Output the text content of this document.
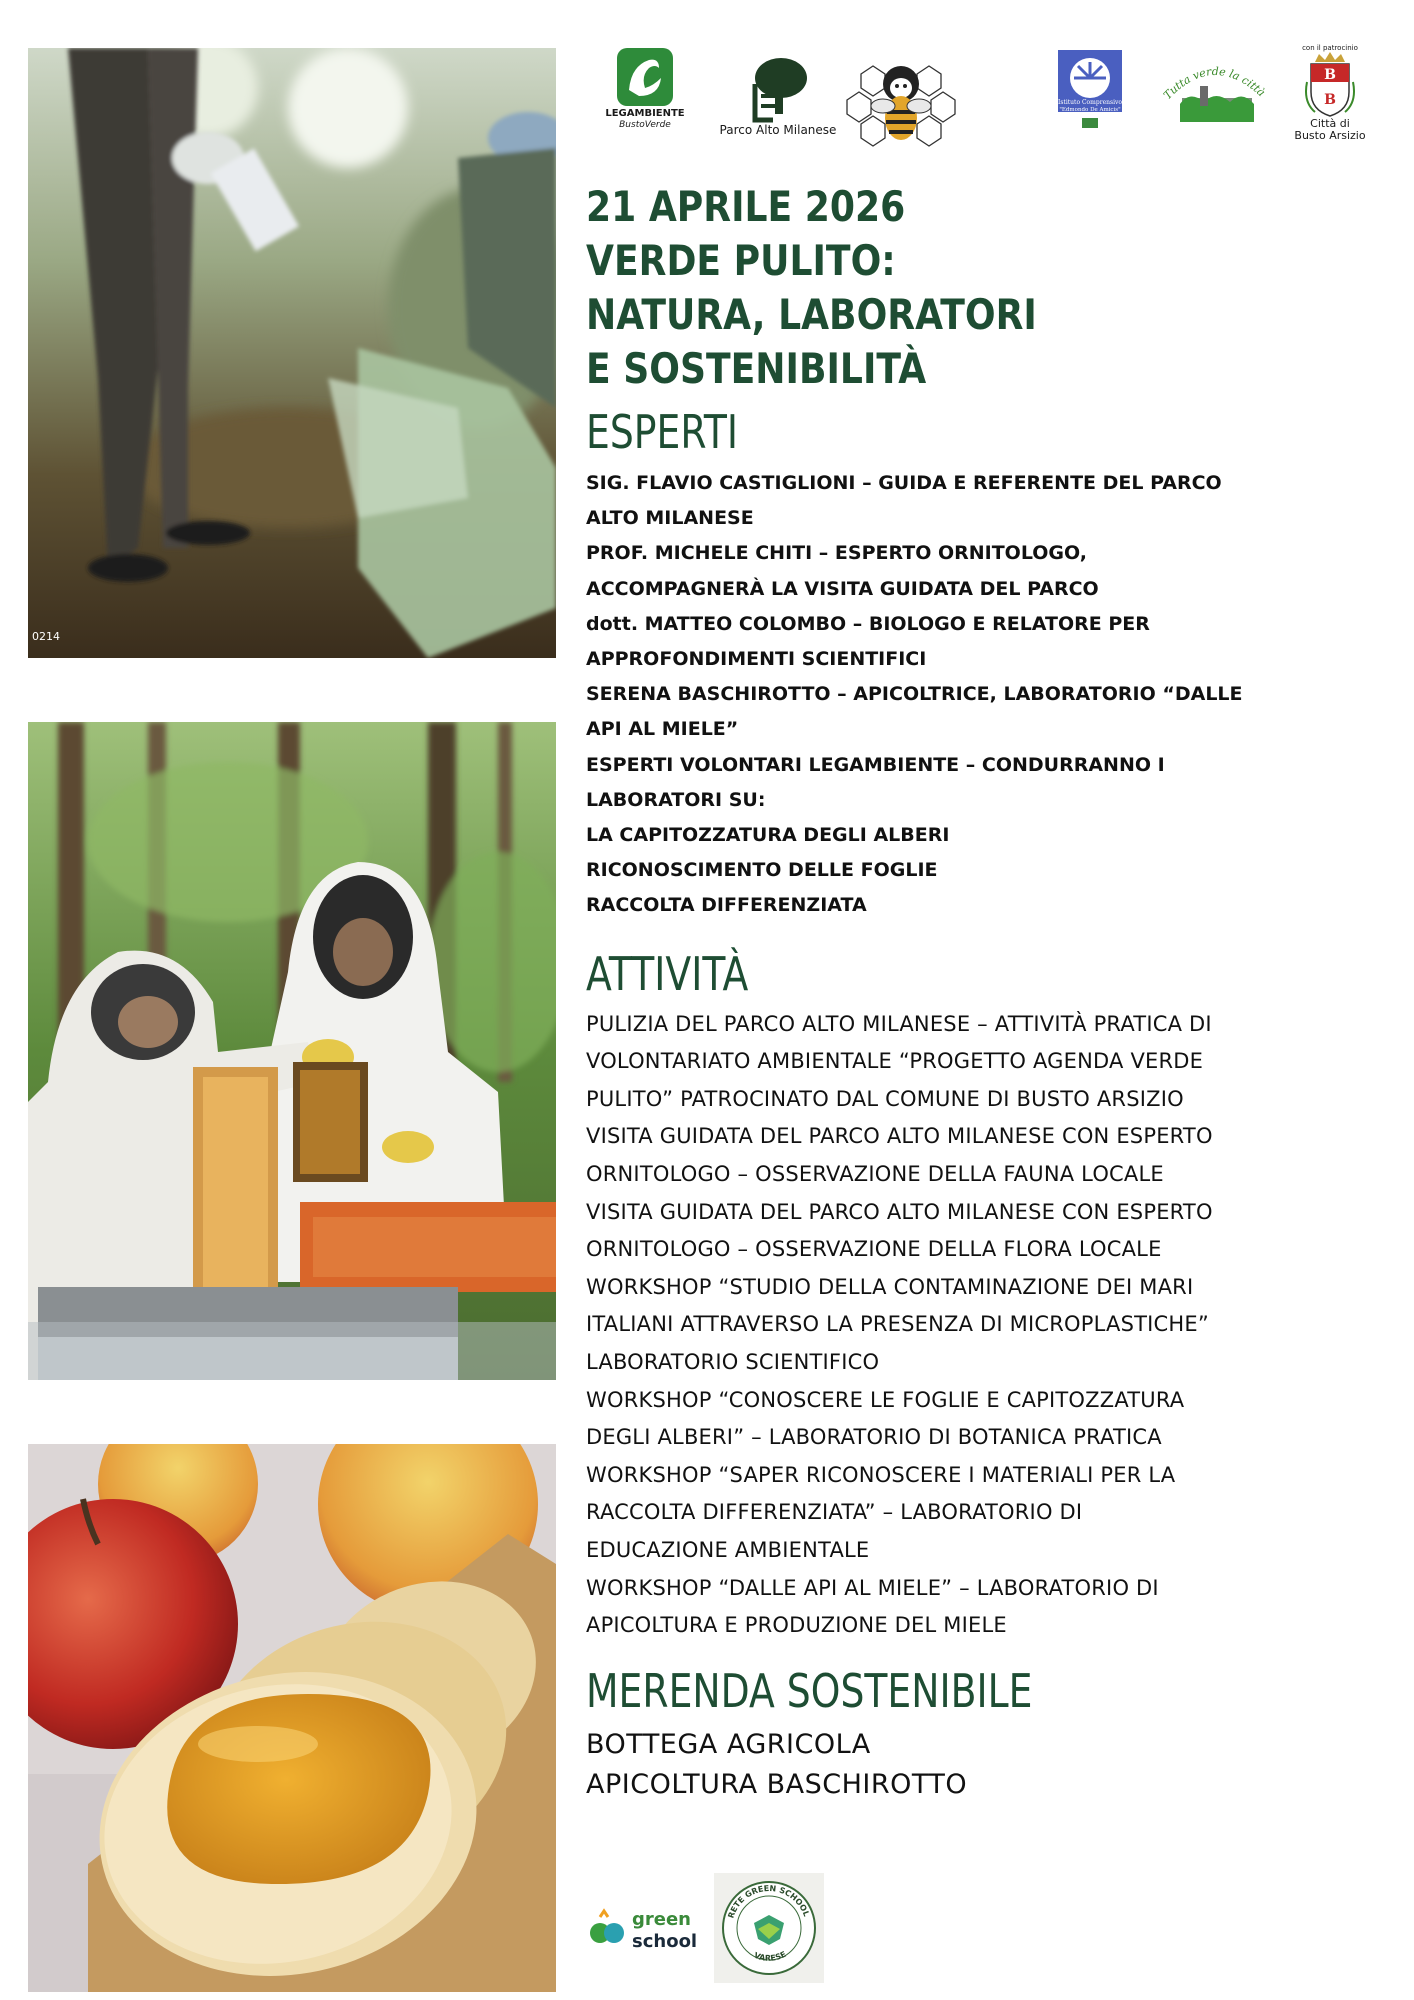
0214
LEGAMBIENTE
BustoVerde	Parco Alto Milanese
Istituto Comprensivo
"Edmondo De Amicis"
Tutta verde la città
con il patrocinio
B
B
Città di
Busto Arsizio
21 APRILE 2026
VERDE PULITO:
NATURA, LABORATORI
E SOSTENIBILITÀ
ESPERTI
SIG. FLAVIO CASTIGLIONI – GUIDA E REFERENTE DEL PARCO
ALTO MILANESE
PROF. MICHELE CHITI – ESPERTO ORNITOLOGO,
ACCOMPAGNERÀ LA VISITA GUIDATA DEL PARCO
dott. MATTEO COLOMBO – BIOLOGO E RELATORE PER
APPROFONDIMENTI SCIENTIFICI
SERENA BASCHIROTTO – APICOLTRICE, LABORATORIO “DALLE
API AL MIELE”
ESPERTI VOLONTARI LEGAMBIENTE – CONDURRANNO I
LABORATORI SU:
LA CAPITOZZATURA DEGLI ALBERI
RICONOSCIMENTO DELLE FOGLIE
RACCOLTA DIFFERENZIATA
ATTIVITÀ
PULIZIA DEL PARCO ALTO MILANESE – ATTIVITÀ PRATICA DI
VOLONTARIATO AMBIENTALE “PROGETTO AGENDA VERDE
PULITO” PATROCINATO DAL COMUNE DI BUSTO ARSIZIO
VISITA GUIDATA DEL PARCO ALTO MILANESE CON ESPERTO
ORNITOLOGO – OSSERVAZIONE DELLA FAUNA LOCALE
VISITA GUIDATA DEL PARCO ALTO MILANESE CON ESPERTO
ORNITOLOGO – OSSERVAZIONE DELLA FLORA LOCALE
WORKSHOP “STUDIO DELLA CONTAMINAZIONE DEI MARI
ITALIANI ATTRAVERSO LA PRESENZA DI MICROPLASTICHE”
LABORATORIO SCIENTIFICO
WORKSHOP “CONOSCERE LE FOGLIE E CAPITOZZATURA
DEGLI ALBERI” – LABORATORIO DI BOTANICA PRATICA
WORKSHOP “SAPER RICONOSCERE I MATERIALI PER LA
RACCOLTA DIFFERENZIATA” – LABORATORIO DI
EDUCAZIONE AMBIENTALE
WORKSHOP “DALLE API AL MIELE” – LABORATORIO DI
APICOLTURA E PRODUZIONE DEL MIELE
MERENDA SOSTENIBILE
BOTTEGA AGRICOLA
APICOLTURA BASCHIROTTO
green
school
RETE GREEN SCHOOL
VARESE
